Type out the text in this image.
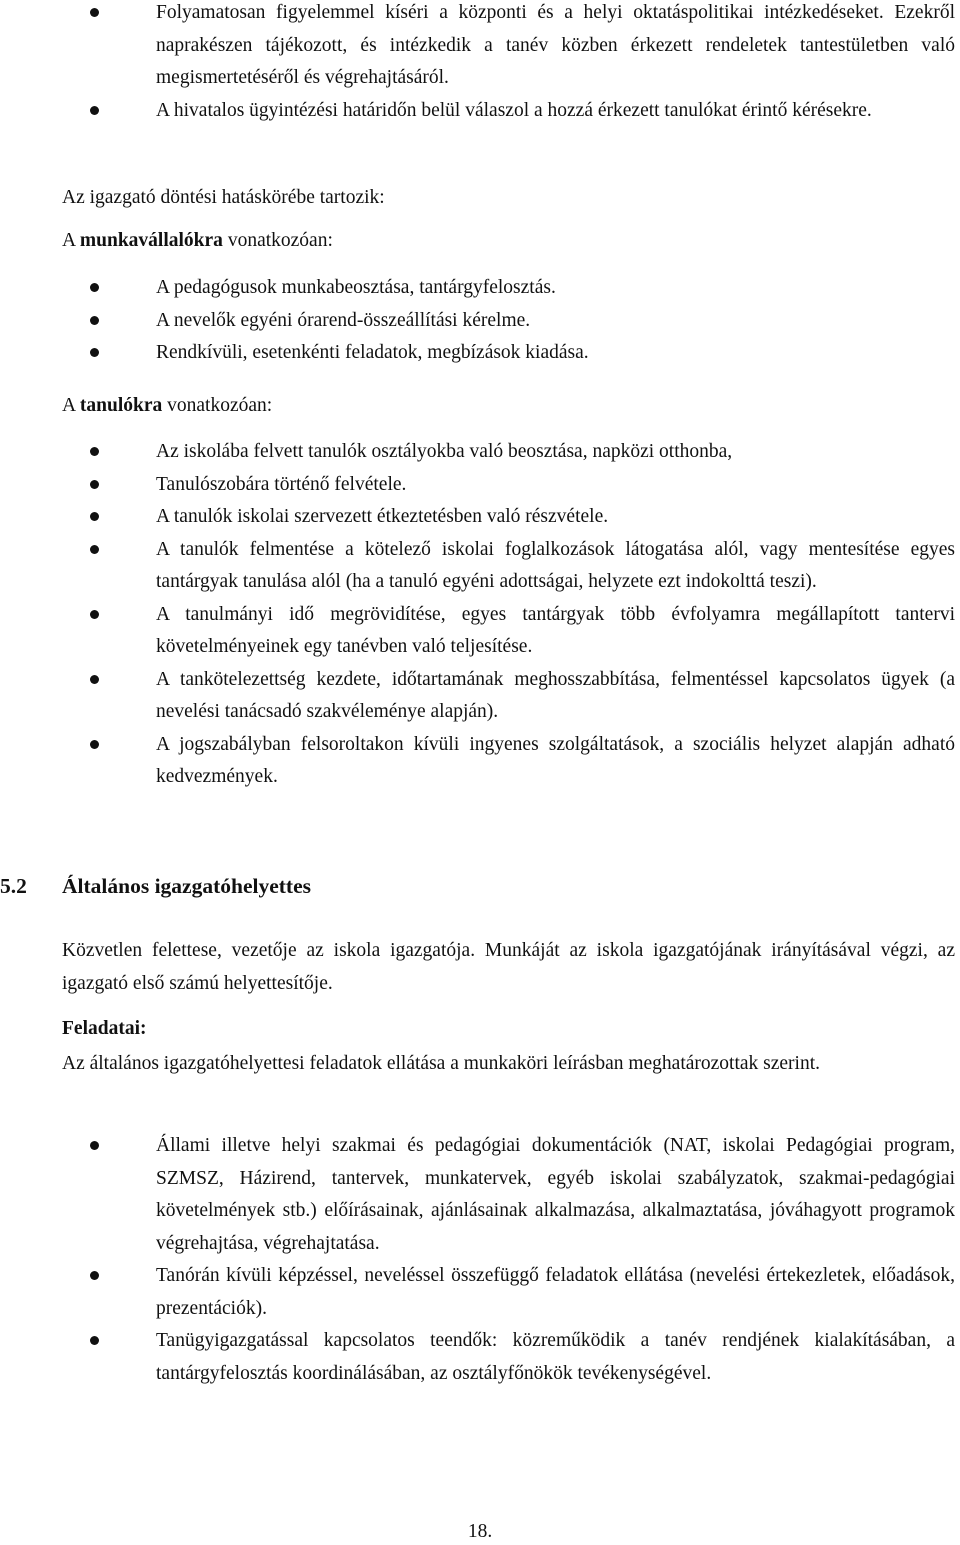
Folyamatosan figyelemmel kíséri a központi és a helyi oktatáspolitikai intézkedéseket. Ezekről naprakészen tájékozott, és intézkedik a tanév közben érkezett rendeletek tantestületben való megismertetéséről és végrehajtásáról.
A hivatalos ügyintézési határidőn belül válaszol a hozzá érkezett tanulókat érintő kérésekre.

Az igazgató döntési hatáskörébe tartozik:

A munkavállalókra vonatkozóan:

A pedagógusok munkabeosztása, tantárgyfelosztás.
A nevelők egyéni órarend-összeállítási kérelme.
Rendkívüli, esetenkénti feladatok, megbízások kiadása.

A tanulókra vonatkozóan:

Az iskolába felvett tanulók osztályokba való beosztása, napközi otthonba,
Tanulószobára történő felvétele.
A tanulók iskolai szervezett étkeztetésben való részvétele.
A tanulók felmentése a kötelező iskolai foglalkozások látogatása alól, vagy mentesítése egyes tantárgyak tanulása alól (ha a tanuló egyéni adottságai, helyzete ezt indokolttá teszi).
A tanulmányi idő megrövidítése, egyes tantárgyak több évfolyamra megállapított tantervi követelményeinek egy tanévben való teljesítése.
A tankötelezettség kezdete, időtartamának meghosszabbítása, felmentéssel kapcsolatos ügyek (a nevelési tanácsadó szakvéleménye alapján).
A jogszabályban felsoroltakon kívüli ingyenes szolgáltatások, a szociális helyzet alapján adható kedvezmények.
5.2 Általános igazgatóhelyettes

Közvetlen felettese, vezetője az iskola igazgatója. Munkáját az iskola igazgatójának irányításával végzi, az igazgató első számú helyettesítője.

Feladatai:

Az általános igazgatóhelyettesi feladatok ellátása a munkaköri leírásban meghatározottak szerint.

Állami illetve helyi szakmai és pedagógiai dokumentációk (NAT, iskolai Pedagógiai program, SZMSZ, Házirend, tantervek, munkatervek, egyéb iskolai szabályzatok, szakmai-pedagógiai követelmények stb.) előírásainak, ajánlásainak alkalmazása, alkalmaztatása, jóváhagyott programok végrehajtása, végrehajtatása.
Tanórán kívüli képzéssel, neveléssel összefüggő feladatok ellátása (nevelési értekezletek, előadások, prezentációk).
Tanügyigazgatással kapcsolatos teendők: közreműködik a tanév rendjének kialakításában, a tantárgyfelosztás koordinálásában, az osztályfőnökök tevékenységével.
18.
